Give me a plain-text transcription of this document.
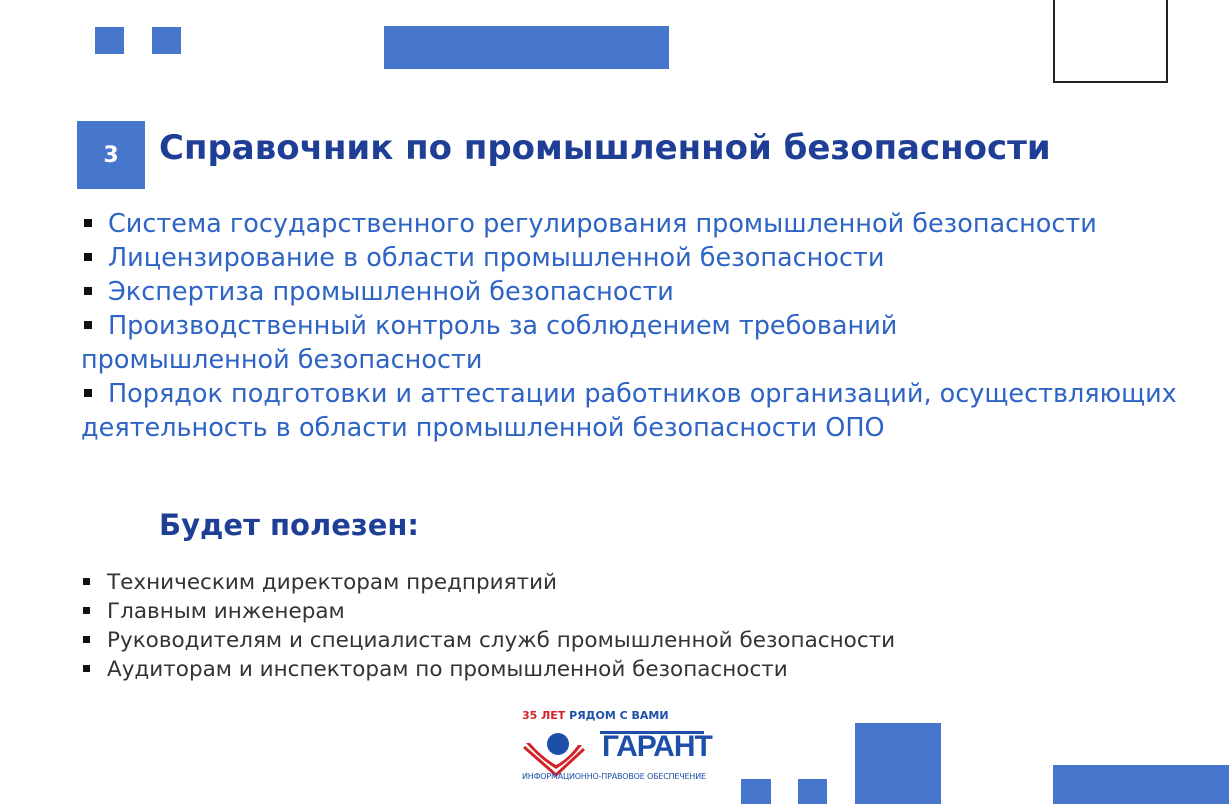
3 Справочник по промышленной безопасности
Система государственного регулирования промышленной безопасности
Лицензирование в области промышленной безопасности
Экспертиза промышленной безопасности
Производственный контроль за соблюдением требований промышленной безопасности
Порядок подготовки и аттестации работников организаций, осуществляющих деятельность в области промышленной безопасности ОПО
Будет полезен:
Техническим директорам предприятий
Главным инженерам
Руководителям и специалистам служб промышленной безопасности
Аудиторам и инспекторам по промышленной безопасности
35 ЛЕТ РЯДОМ С ВАМИ
ГАРАНТ
ИНФОРМАЦИОННО-ПРАВОВОЕ ОБЕСПЕЧЕНИЕ
